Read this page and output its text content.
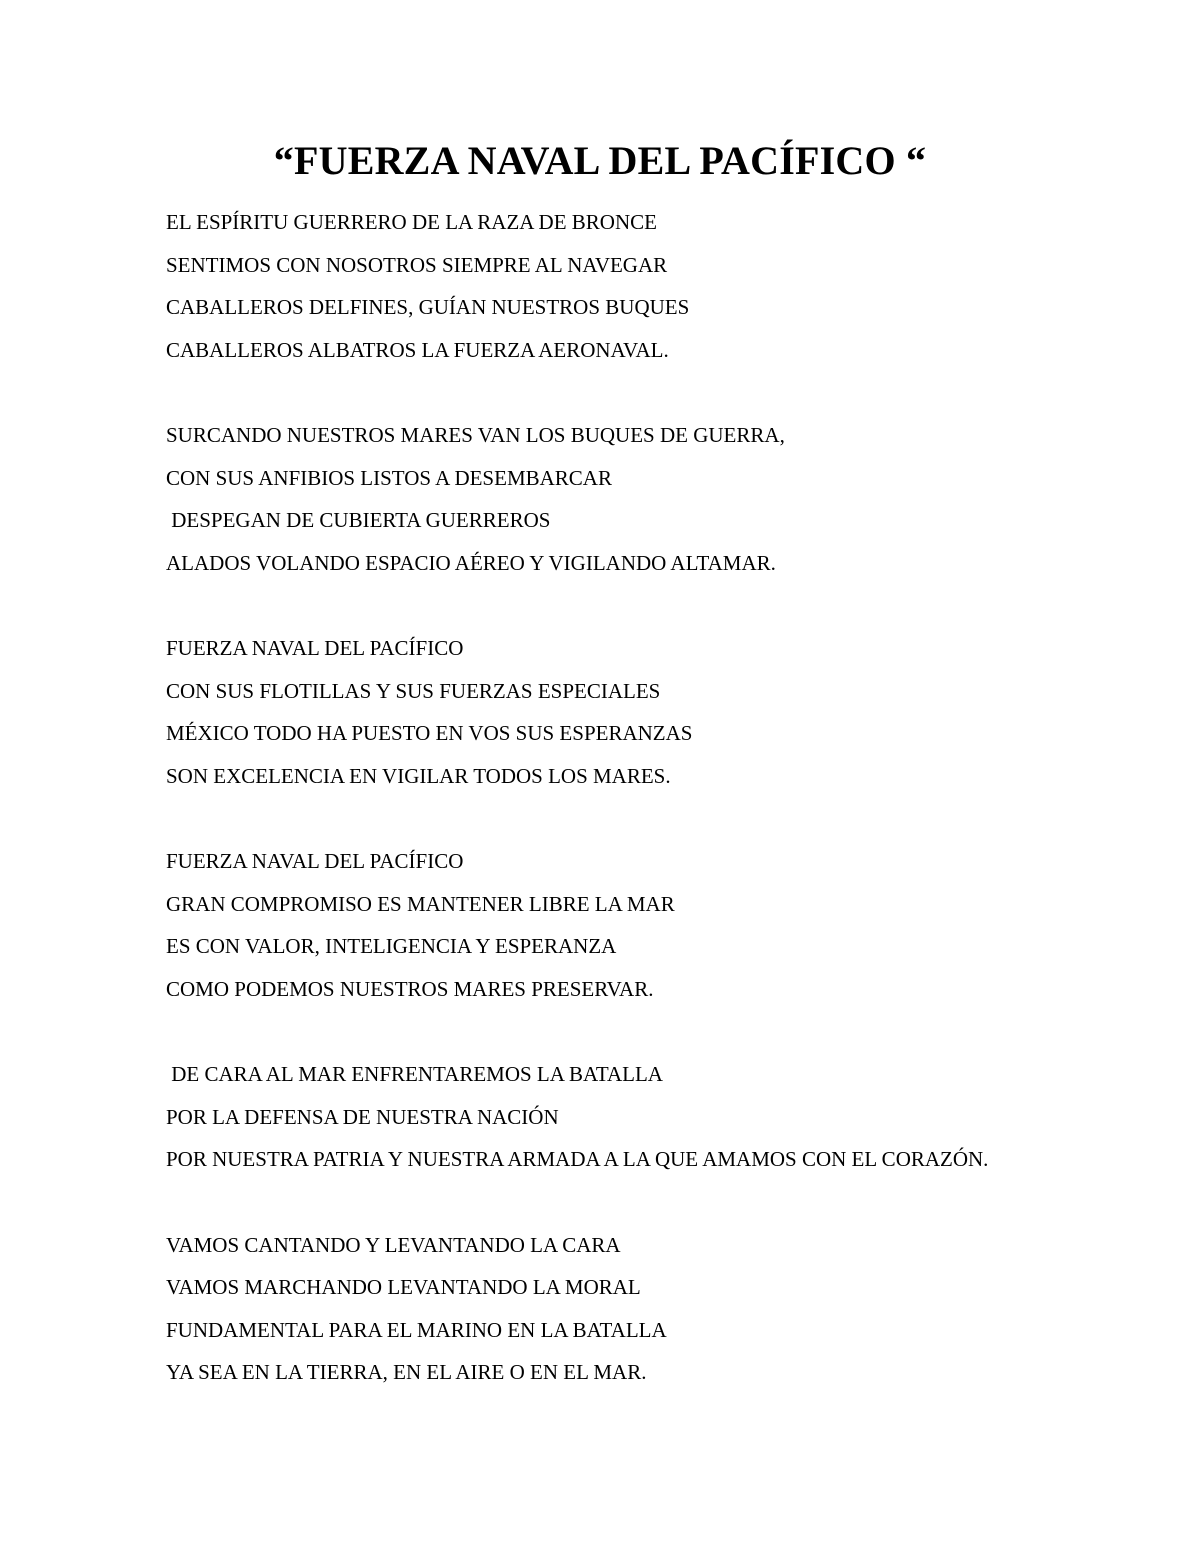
“FUERZA NAVAL DEL PACÍFICO “
EL ESPÍRITU GUERRERO DE LA RAZA DE BRONCE
SENTIMOS CON NOSOTROS SIEMPRE AL NAVEGAR
CABALLEROS DELFINES, GUÍAN NUESTROS BUQUES
CABALLEROS ALBATROS LA FUERZA AERONAVAL.
SURCANDO NUESTROS MARES VAN LOS BUQUES DE GUERRA,
CON SUS ANFIBIOS LISTOS A DESEMBARCAR
DESPEGAN DE CUBIERTA GUERREROS
ALADOS VOLANDO ESPACIO AÉREO Y VIGILANDO ALTAMAR.
FUERZA NAVAL DEL PACÍFICO
CON SUS FLOTILLAS Y SUS FUERZAS ESPECIALES
MÉXICO TODO HA PUESTO EN VOS SUS ESPERANZAS
SON EXCELENCIA EN VIGILAR TODOS LOS MARES.
FUERZA NAVAL DEL PACÍFICO
GRAN COMPROMISO ES MANTENER LIBRE LA MAR
ES CON VALOR, INTELIGENCIA Y ESPERANZA
COMO PODEMOS NUESTROS MARES PRESERVAR.
DE CARA AL MAR ENFRENTAREMOS LA BATALLA
POR LA DEFENSA DE NUESTRA NACIÓN
POR NUESTRA PATRIA Y NUESTRA ARMADA A LA QUE AMAMOS CON EL CORAZÓN.
VAMOS CANTANDO Y LEVANTANDO LA CARA
VAMOS MARCHANDO LEVANTANDO LA MORAL
FUNDAMENTAL PARA EL MARINO EN LA BATALLA
YA SEA EN LA TIERRA, EN EL AIRE O EN EL MAR.
